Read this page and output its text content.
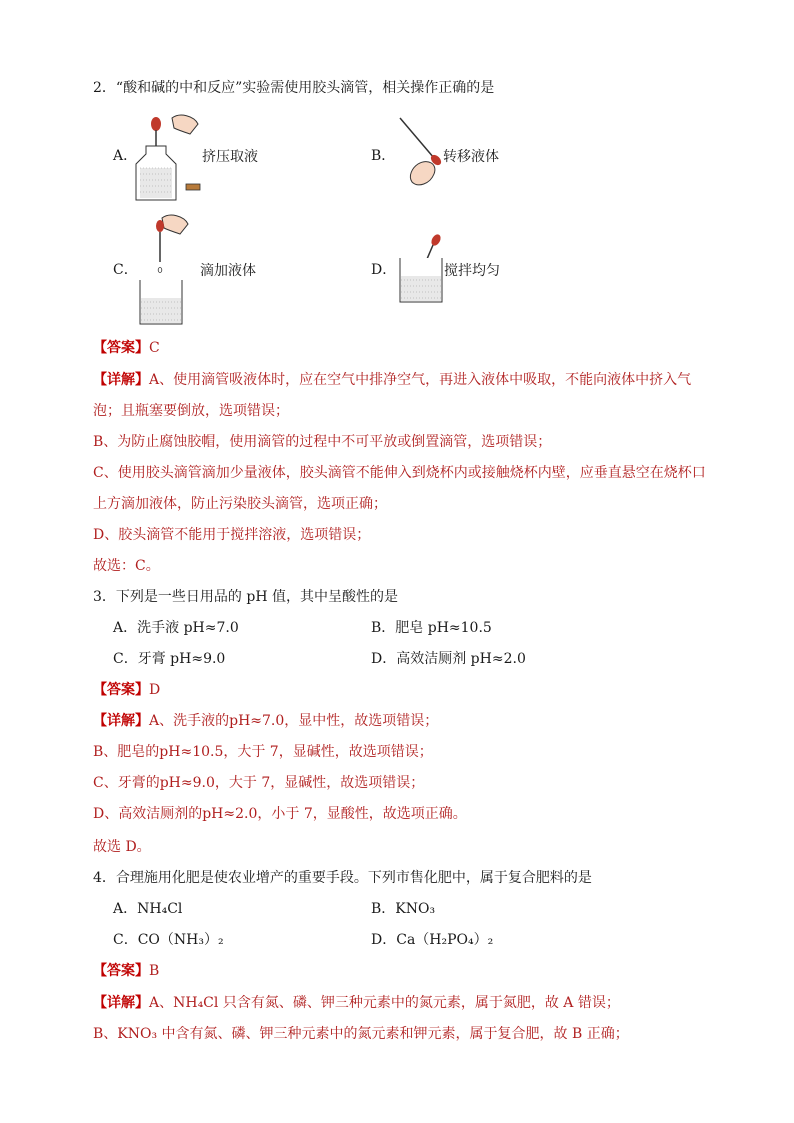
2．“酸和碱的中和反应”实验需使用胶头滴管，相关操作正确的是
A．	挤压取液	B．	转移液体
C．	滴加液体	D．	搅拌均匀
【答案】C
【详解】A、使用滴管吸液体时，应在空气中排净空气，再进入液体中吸取，不能向液体中挤入气
泡；且瓶塞要倒放，选项错误；
B、为防止腐蚀胶帽，使用滴管的过程中不可平放或倒置滴管，选项错误；
C、使用胶头滴管滴加少量液体，胶头滴管不能伸入到烧杯内或接触烧杯内壁，应垂直悬空在烧杯口
上方滴加液体，防止污染胶头滴管，选项正确；
D、胶头滴管不能用于搅拌溶液，选项错误；
故选：C。
3．下列是一些日用品的 pH 值，其中呈酸性的是
A．洗手液 pH≈7.0	B．肥皂 pH≈10.5
C．牙膏 pH≈9.0	D．高效洁厕剂 pH≈2.0
【答案】D
【详解】A、洗手液的pH≈7.0，显中性，故选项错误；
B、肥皂的pH≈10.5，大于 7，显碱性，故选项错误；
C、牙膏的pH≈9.0，大于 7，显碱性，故选项错误；
D、高效洁厕剂的pH≈2.0，小于 7，显酸性，故选项正确。
故选 D。
4．合理施用化肥是使农业增产的重要手段。下列市售化肥中，属于复合肥料的是
A．NH₄Cl	B．KNO₃
C．CO（NH₃）₂	D．Ca（H₂PO₄）₂
【答案】B
【详解】A、NH₄Cl 只含有氮、磷、钾三种元素中的氮元素，属于氮肥，故 A 错误；
B、KNO₃ 中含有氮、磷、钾三种元素中的氮元素和钾元素，属于复合肥，故 B 正确；
